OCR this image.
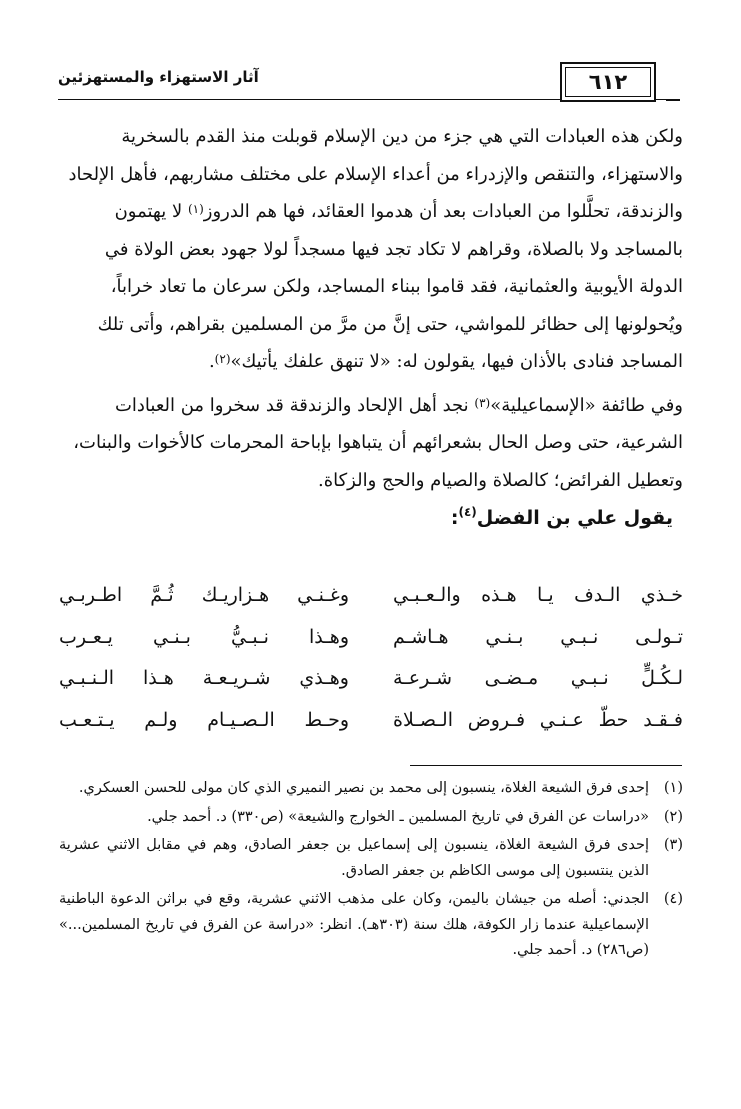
آثار الاستهزاء والمستهزئين	٦١٢

ولكن هذه العبادات التي هي جزء من دين الإسلام قوبلت منذ القدم بالسخرية والاستهزاء، والتنقص والإزدراء من أعداء الإسلام على مختلف مشاربهم، فأهل الإلحاد والزندقة، تحلَّلوا من العبادات بعد أن هدموا العقائد، فها هم الدروز$^{(١)}$ لا يهتمون بالمساجد ولا بالصلاة، وقراهم لا تكاد تجد فيها مسجداً لولا جهود بعض الولاة في الدولة الأيوبية والعثمانية، فقد قاموا ببناء المساجد، ولكن سرعان ما تعاد خراباً، ويُحولونها إلى حظائر للمواشي، حتى إنَّ من مرَّ من المسلمين بقراهم، وأتى تلك المساجد فنادى بالأذان فيها، يقولون له: «لا تنهق علفك يأتيك»$^{(٢)}$.

وفي طائفة «الإسماعيلية»$^{(٣)}$ نجد أهل الإلحاد والزندقة قد سخروا من العبادات الشرعية، حتى وصل الحال بشعرائهم أن يتباهوا بإباحة المحرمات كالأخوات والبنات، وتعطيل الفرائض؛ كالصلاة والصيام والحج والزكاة.

يقول علي بن الفضل$^{(٤)}$:
خـذي الـدف يـا هـذه والـعـبـي
وغـنـي هـزاريـك ثُـمَّ اطـربـي
تـولـى نـبـي بـنـي هـاشـم
وهـذا نـبـيُّ بـنـي يـعـرب
لـكُـلٍّ نـبـي مـضـى شـرعـة
وهـذي شـريـعـة هـذا الـنـبـي
فـقـد حطّ عـنـي فـروض الـصـلاة
وحـط الـصـيـام ولـم يـتـعـب
(١)
إحدى فرق الشيعة الغلاة، ينسبون إلى محمد بن نصير النميري الذي كان مولى للحسن العسكري.
(٢)
«دراسات عن الفرق في تاريخ المسلمين ـ الخوارج والشيعة» (ص٣٣٠) د. أحمد جلي.
(٣)
إحدى فرق الشيعة الغلاة، ينسبون إلى إسماعيل بن جعفر الصادق، وهم في مقابل الاثني عشرية الذين ينتسبون إلى موسى الكاظم بن جعفر الصادق.
(٤)
الجدني: أصله من جيشان باليمن، وكان على مذهب الاثني عشرية، وقع في براثن الدعوة الباطنية الإسماعيلية عندما زار الكوفة، هلك سنة (٣٠٣هـ). انظر: «دراسة عن الفرق في تاريخ المسلمين...» (ص٢٨٦) د. أحمد جلي.
